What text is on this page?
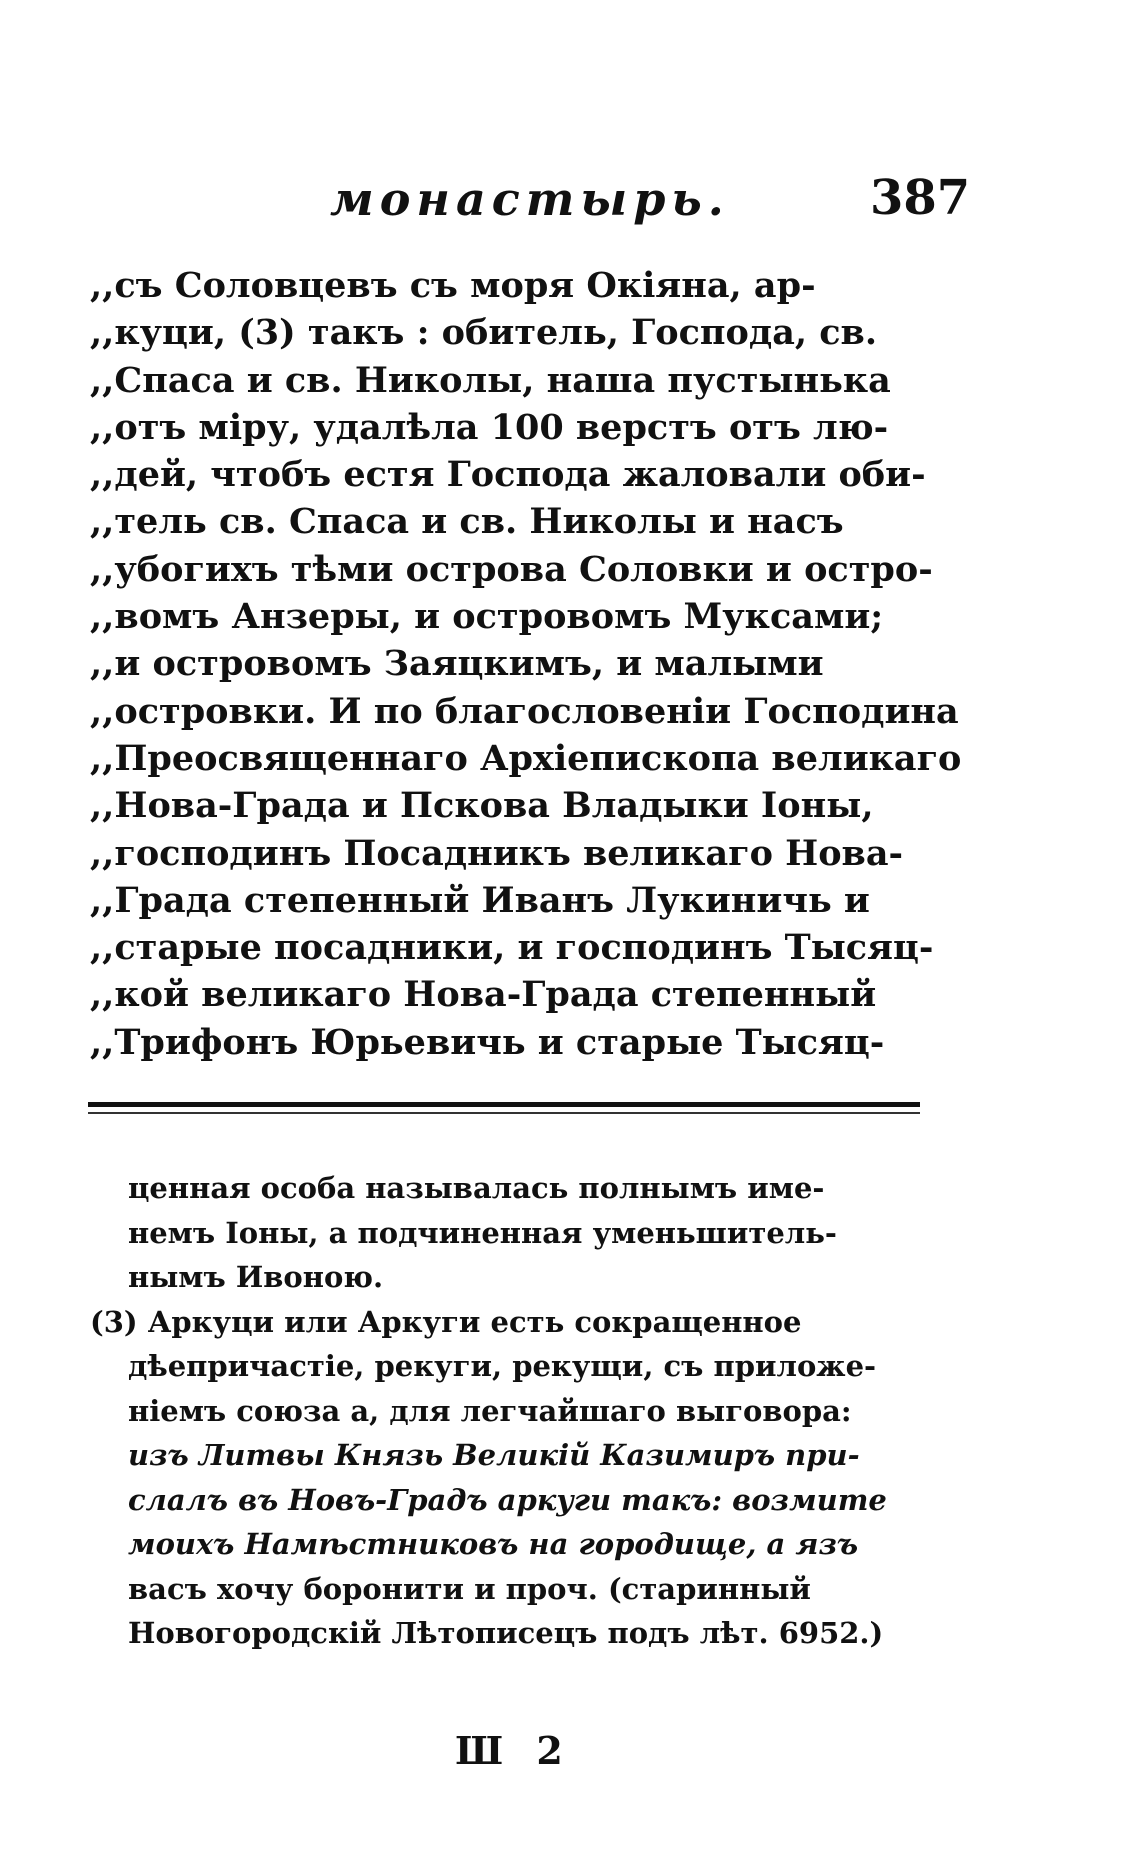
монастырь.	387
,,съ Соловцевъ съ моря Окіяна, ар-
,,куци, (3) такъ : обитель, Господа, св.
,,Спаса и св. Николы, наша пустынька
,,отъ міру, удалѣла 100 верстъ отъ лю-
,,дей, чтобъ естя Господа жаловали оби-
,,тель св. Спаса и св. Николы и насъ
,,убогихъ тѣми острова Соловки и остро-
,,вомъ Анзеры, и островомъ Муксами;
,,и островомъ Заяцкимъ, и малыми
,,островки. И по благословенiи Господина
,,Преосвященнаго Архiепископа великаго
,,Нова-Града и Пскова Владыки Іоны,
,,господинъ Посадникъ великаго Нова-
,,Града степенный Иванъ Лукиничь и
,,старые посадники, и господинъ Тысяц-
,,кой великаго Нова-Града степенный
,,Трифонъ Юрьевичь и старые Тысяц-
ценная особа называлась полнымъ име-
немъ Іоны, а подчиненная уменьшитель-
нымъ Ивонoю.
(3) Аркуци или Аркуги есть сокращенное
дѣепричастіе, рекуги, рекущи, съ приложе-
нiемъ союза а, для легчайшаго выговора:
изъ Литвы Князь Великій Казимиръ при-
слалъ въ Новъ-Градъ аркуги такъ: возмите
моихъ Намѣстниковъ на городище, а язъ
васъ хочу боронити и проч. (старинный
Новогородскій Лѣтописецъ подъ лѣт. 6952.)
Ш 2
